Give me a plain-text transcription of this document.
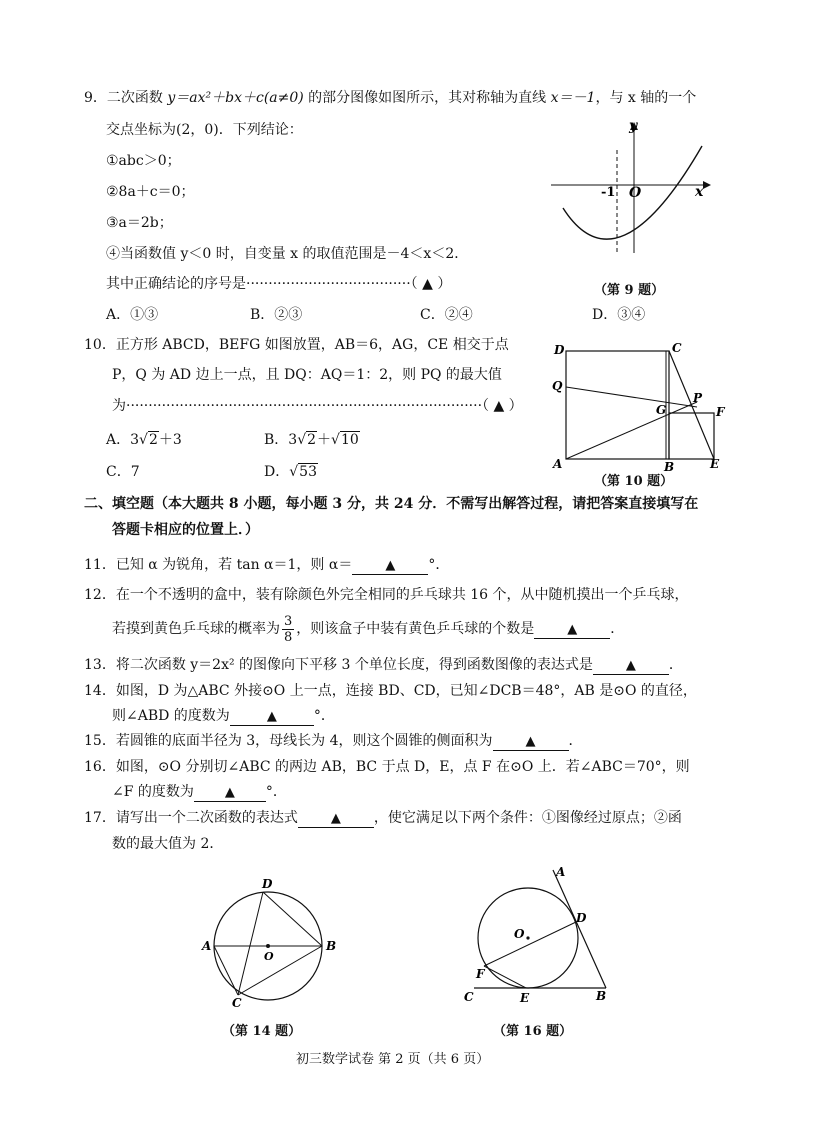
9．二次函数 y＝ax²＋bx＋c(a≠0) 的部分图像如图所示，其对称轴为直线 x＝－1，与 x 轴的一个
交点坐标为(2，0)．下列结论：
①abc＞0；
②8a＋c＝0；
③a＝2b；
④当函数值 y＜0 时，自变量 x 的取值范围是－4＜x＜2．
其中正确结论的序号是·····································（ ▲ ）
A．①③	B．②③	C．②④	D．③④
y
x
-1 O
（第 9 题）
10．正方形 ABCD，BEFG 如图放置，AB＝6，AG，CE 相交于点
P，Q 为 AD 边上一点，且 DQ：AQ＝1：2，则 PQ 的最大值
为················································································（ ▲ ）
A．3√2＋3	B．3√2＋√10
C．7	D．√53
D	C
Q
P
G	F
A	B	E
（第 10 题）
二、填空题（本大题共 8 小题，每小题 3 分，共 24 分．不需写出解答过程，请把答案直接填写在
答题卡相应的位置上．）
11．已知 α 为锐角，若 tan α＝1，则 α＝	▲ °．
12．在一个不透明的盒中，装有除颜色外完全相同的乒乓球共 16 个，从中随机摸出一个乒乓球，
若摸到黄色乒乓球的概率为 $\frac{3}{8}$ ，则该盒子中装有黄色乒乓球的个数是	▲ ．
13．将二次函数 y＝2x² 的图像向下平移 3 个单位长度，得到函数图像的表达式是	▲ ．
14．如图，D 为△ABC 外接⊙O 上一点，连接 BD、CD，已知∠DCB＝48°，AB 是⊙O 的直径，
则∠ABD 的度数为	▲	°．
15．若圆锥的底面半径为 3，母线长为 4，则这个圆锥的侧面积为	▲ ．
16．如图，⊙O 分别切∠ABC 的两边 AB，BC 于点 D，E，点 F 在⊙O 上．若∠ABC＝70°，则
∠F 的度数为 ▲ °．
17．请写出一个二次函数的表达式	▲ ，使它满足以下两个条件：①图像经过原点；②函
数的最大值为 2．
D
A
O
B
C
（第 14 题）
A
D
O
F
C	E	B
（第 16 题）
初三数学试卷 第 2 页（共 6 页）
